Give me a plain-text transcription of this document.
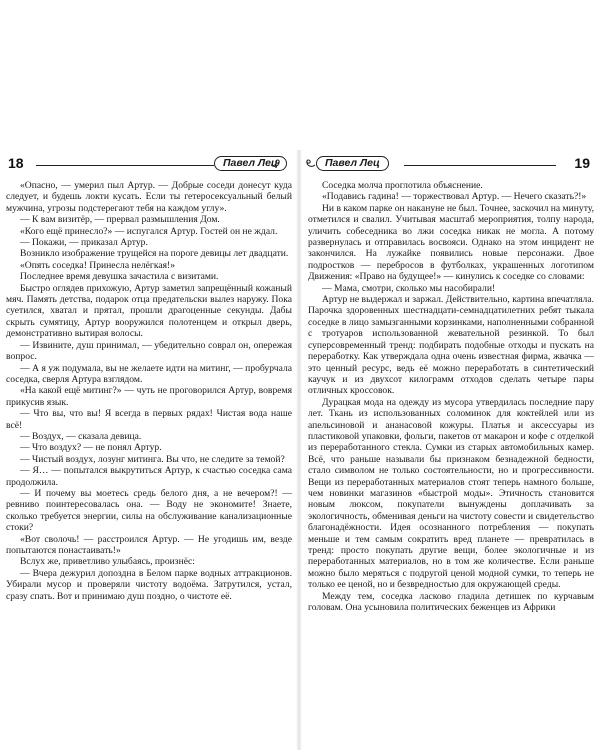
18	Павел Лец

«Опасно, — умерил пыл Артур. — Добрые соседи донесут куда следует, и будешь локти кусать. Если ты гетеросексуальный белый мужчина, угрозы подстерегают тебя на каждом углу».

— К вам визитёр, — прервал размышления Дом.

«Кого ещё принесло?» — испугался Артур. Гостей он не ждал.

— Покажи, — приказал Артур.

Возникло изображение трущейся на пороге девицы лет двадцати.

«Опять соседка! Принесла нелёгкая!»

Последнее время девушка зачастила с визитами.

Быстро оглядев прихожую, Артур заметил запрещённый кожаный мяч. Память детства, подарок отца предательски вылез наружу. Пока суетился, хватал и прятал, прошли драгоценные секунды. Дабы скрыть сумятицу, Артур вооружился полотенцем и открыл дверь, демонстративно вытирая волосы.

— Извините, душ принимал, — убедительно соврал он, опережая вопрос.

— А я уж подумала, вы не желаете идти на митинг, — пробурчала соседка, сверля Артура взглядом.

«На какой ещё митинг?» — чуть не проговорился Артур, вовремя прикусив язык.

— Что вы, что вы! Я всегда в первых рядах! Чистая вода наше всё!

— Воздух, — сказала девица.

— Что воздух? — не понял Артур.

— Чистый воздух, лозунг митинга. Вы что, не следите за темой?

— Я… — попытался выкрутиться Артур, к счастью соседка сама продолжила.

— И почему вы моетесь средь белого дня, а не вечером?! — ревниво поинтересовалась она. — Воду не экономите! Знаете, сколько требуется энергии, силы на обслуживание канализационные стоки?

«Вот сволочь! — расстроился Артур. — Не угодишь им, везде попытаются понастаивать!»

Вслух же, приветливо улыбаясь, произнёс:

— Вчера дежурил допоздна в Белом парке водных аттракционов. Убирали мусор и проверяли чистоту водоёма. Затрутился, устал, сразу спать. Вот и принимаю душ поздно, о чистоте её.

Павел Лец	19

Соседка молча проглотила объяснение.

«Подавись гадина! — торжествовал Артур. — Нечего сказать?!»

Ни в каком парке он накануне не был. Точнее, заскочил на минуту, отметился и свалил. Учитывая масштаб мероприятия, толпу народа, уличить собеседника во лжи соседка никак не могла. А потому развернулась и отправилась восвояси. Однако на этом инцидент не закончился. На лужайке появились новые персонажи. Двое подростков — перебросов в футболках, украшенных логотипом Движения: «Право на будущее!» — кинулись к соседке со словами:

— Мама, смотри, сколько мы насобирали!

Артур не выдержал и заржал. Действительно, картина впечатляла. Парочка здоровенных шестнадцати-семнадцатилетних ребят тыкала соседке в лицо замызганными корзинками, наполненными собранной с тротуаров использованной жевательной резинкой. То был суперсовременный тренд: подбирать подобные отходы и пускать на переработку. Как утверждала одна очень известная фирма, жвачка — это ценный ресурс, ведь её можно переработать в синтетический каучук и из двухсот килограмм отходов сделать четыре пары отличных кроссовок.

Дурацкая мода на одежду из мусора утвердилась последние пару лет. Ткань из использованных соломинок для коктейлей или из апельсиновой и ананасовой кожуры. Платья и аксессуары из пластиковой упаковки, фольги, пакетов от макарон и кофе с отделкой из переработанного стекла. Сумки из старых автомобильных камер. Всё, что раньше называли бы признаком безнадежной бедности, стало символом не только состоятельности, но и прогрессивности. Вещи из переработанных материалов стоят теперь намного больше, чем новинки магазинов «быстрой моды». Этичность становится новым люксом, покупатели вынуждены доплачивать за экологичность, обменивая деньги на чистоту совести и свидетельство благонадёжности. Идея осознанного потребления — покупать меньше и тем самым сократить вред планете — превратилась в тренд: просто покупать другие вещи, более экологичные и из переработанных материалов, но в том же количестве. Если раньше можно было меряться с подругой ценой модной сумки, то теперь не только ее ценой, но и безвредностью для окружающей среды.

Между тем, соседка ласково гладила детишек по курчавым головам. Она усыновила политических беженцев из Африки
